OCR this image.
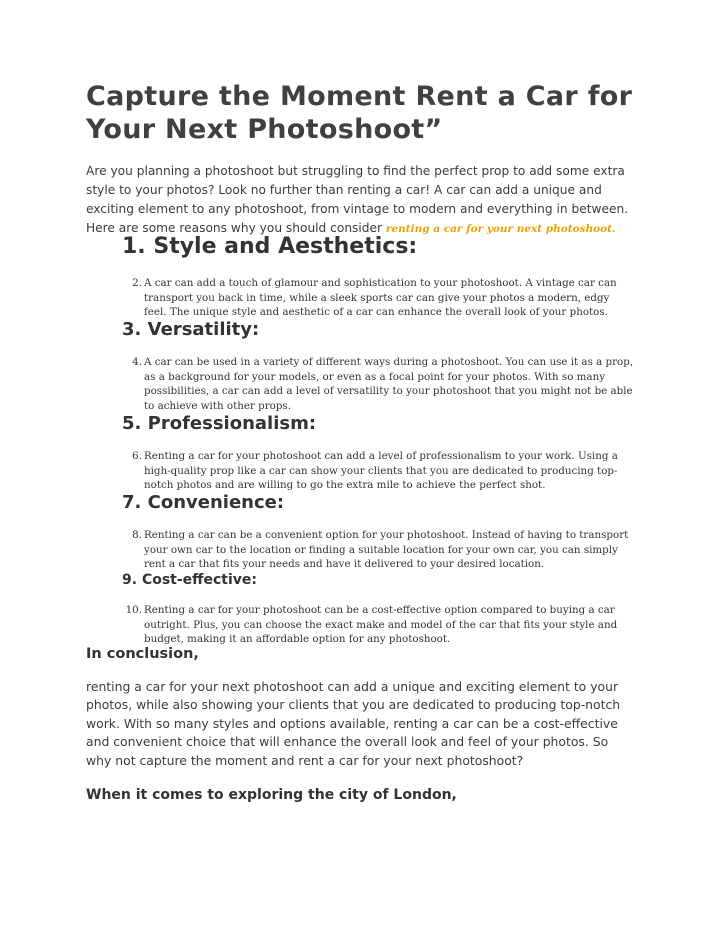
Capture the Moment Rent a Car for Your Next Photoshoot”

Are you planning a photoshoot but struggling to find the perfect prop to add some extra style to your photos? Look no further than renting a car! A car can add a unique and exciting element to any photoshoot, from vintage to modern and everything in between. Here are some reasons why you should consider renting a car for your next photoshoot.

1. Style and Aesthetics:
2. A car can add a touch of glamour and sophistication to your photoshoot. A vintage car can transport you back in time, while a sleek sports car can give your photos a modern, edgy feel. The unique style and aesthetic of a car can enhance the overall look of your photos.
3. Versatility:
4. A car can be used in a variety of different ways during a photoshoot. You can use it as a prop, as a background for your models, or even as a focal point for your photos. With so many possibilities, a car can add a level of versatility to your photoshoot that you might not be able to achieve with other props.
5. Professionalism:
6. Renting a car for your photoshoot can add a level of professionalism to your work. Using a high-quality prop like a car can show your clients that you are dedicated to producing top-notch photos and are willing to go the extra mile to achieve the perfect shot.
7. Convenience:
8. Renting a car can be a convenient option for your photoshoot. Instead of having to transport your own car to the location or finding a suitable location for your own car, you can simply rent a car that fits your needs and have it delivered to your desired location.
9. Cost-effective:
10. Renting a car for your photoshoot can be a cost-effective option compared to buying a car outright. Plus, you can choose the exact make and model of the car that fits your style and budget, making it an affordable option for any photoshoot.
In conclusion,

renting a car for your next photoshoot can add a unique and exciting element to your photos, while also showing your clients that you are dedicated to producing top-notch work. With so many styles and options available, renting a car can be a cost-effective and convenient choice that will enhance the overall look and feel of your photos. So why not capture the moment and rent a car for your next photoshoot?

When it comes to exploring the city of London,
